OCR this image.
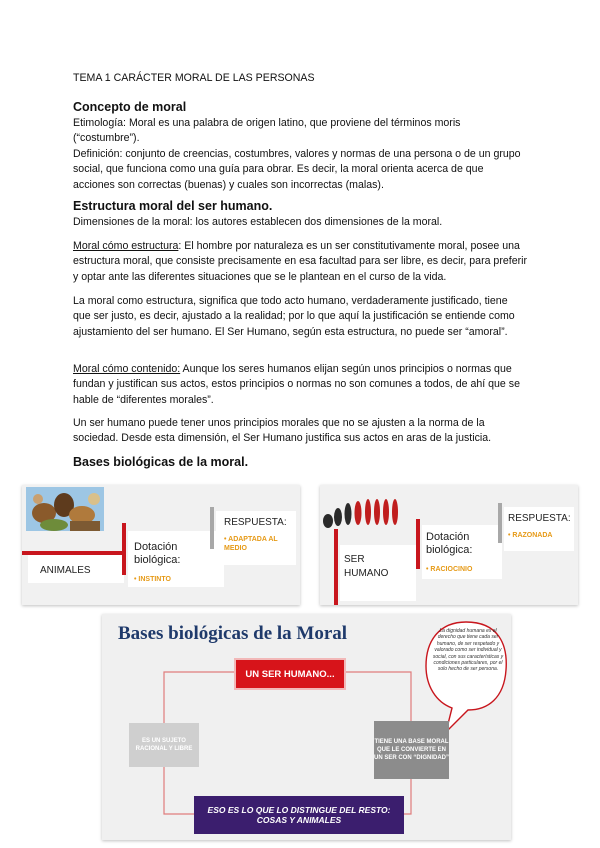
TEMA 1 CARÁCTER MORAL DE LAS PERSONAS
Concepto de moral

Etimología: Moral es una palabra de origen latino, que proviene del términos moris (“costumbre”).

Definición: conjunto de creencias, costumbres, valores y normas de una persona o de un grupo social, que funciona como una guía para obrar. Es decir, la moral orienta acerca de que acciones son correctas (buenas) y cuales son incorrectas (malas).

Estructura moral del ser humano.
Dimensiones de la moral: los autores establecen dos dimensiones de la moral.
Moral cómo estructura: El hombre por naturaleza es un ser constitutivamente moral, posee una estructura moral, que consiste precisamente en esa facultad para ser libre, es decir, para preferir y optar ante las diferentes situaciones que se le plantean en el curso de la vida.
La moral como estructura, significa que todo acto humano, verdaderamente justificado, tiene que ser justo, es decir, ajustado a la realidad; por lo que aquí la justificación se entiende como ajustamiento del ser humano. El Ser Humano, según esta estructura, no puede ser “amoral”.
Moral cómo contenido: Aunque los seres humanos elijan según unos principios o normas que fundan y justifican sus actos, estos principios o normas no son comunes a todos, de ahí que se hable de “diferentes morales”.
Un ser humano puede tener unos principios morales que no se ajusten a la norma de la sociedad. Desde esta dimensión, el Ser Humano justifica sus actos en aras de la justicia.
Bases biológicas de la moral.
ANIMALES
Dotación biológica:
• INSTINTO
RESPUESTA:
• ADAPTADA AL MEDIO
SER HUMANO
Dotación biológica:
• RACIOCINIO
RESPUESTA:
• RAZONADA
Bases biológicas de la Moral
UN SER HUMANO...
ES UN SUJETO RACIONAL Y LIBRE
TIENE UNA BASE MORAL QUE LE CONVIERTE EN UN SER CON “DIGNIDAD”
ESO ES LO QUE LO DISTINGUE DEL RESTO:
COSAS Y ANIMALES
La dignidad humana es el derecho que tiene cada ser humano, de ser respetado y valorado como ser individual y social, con sus características y condiciones particulares, por el solo hecho de ser persona.
